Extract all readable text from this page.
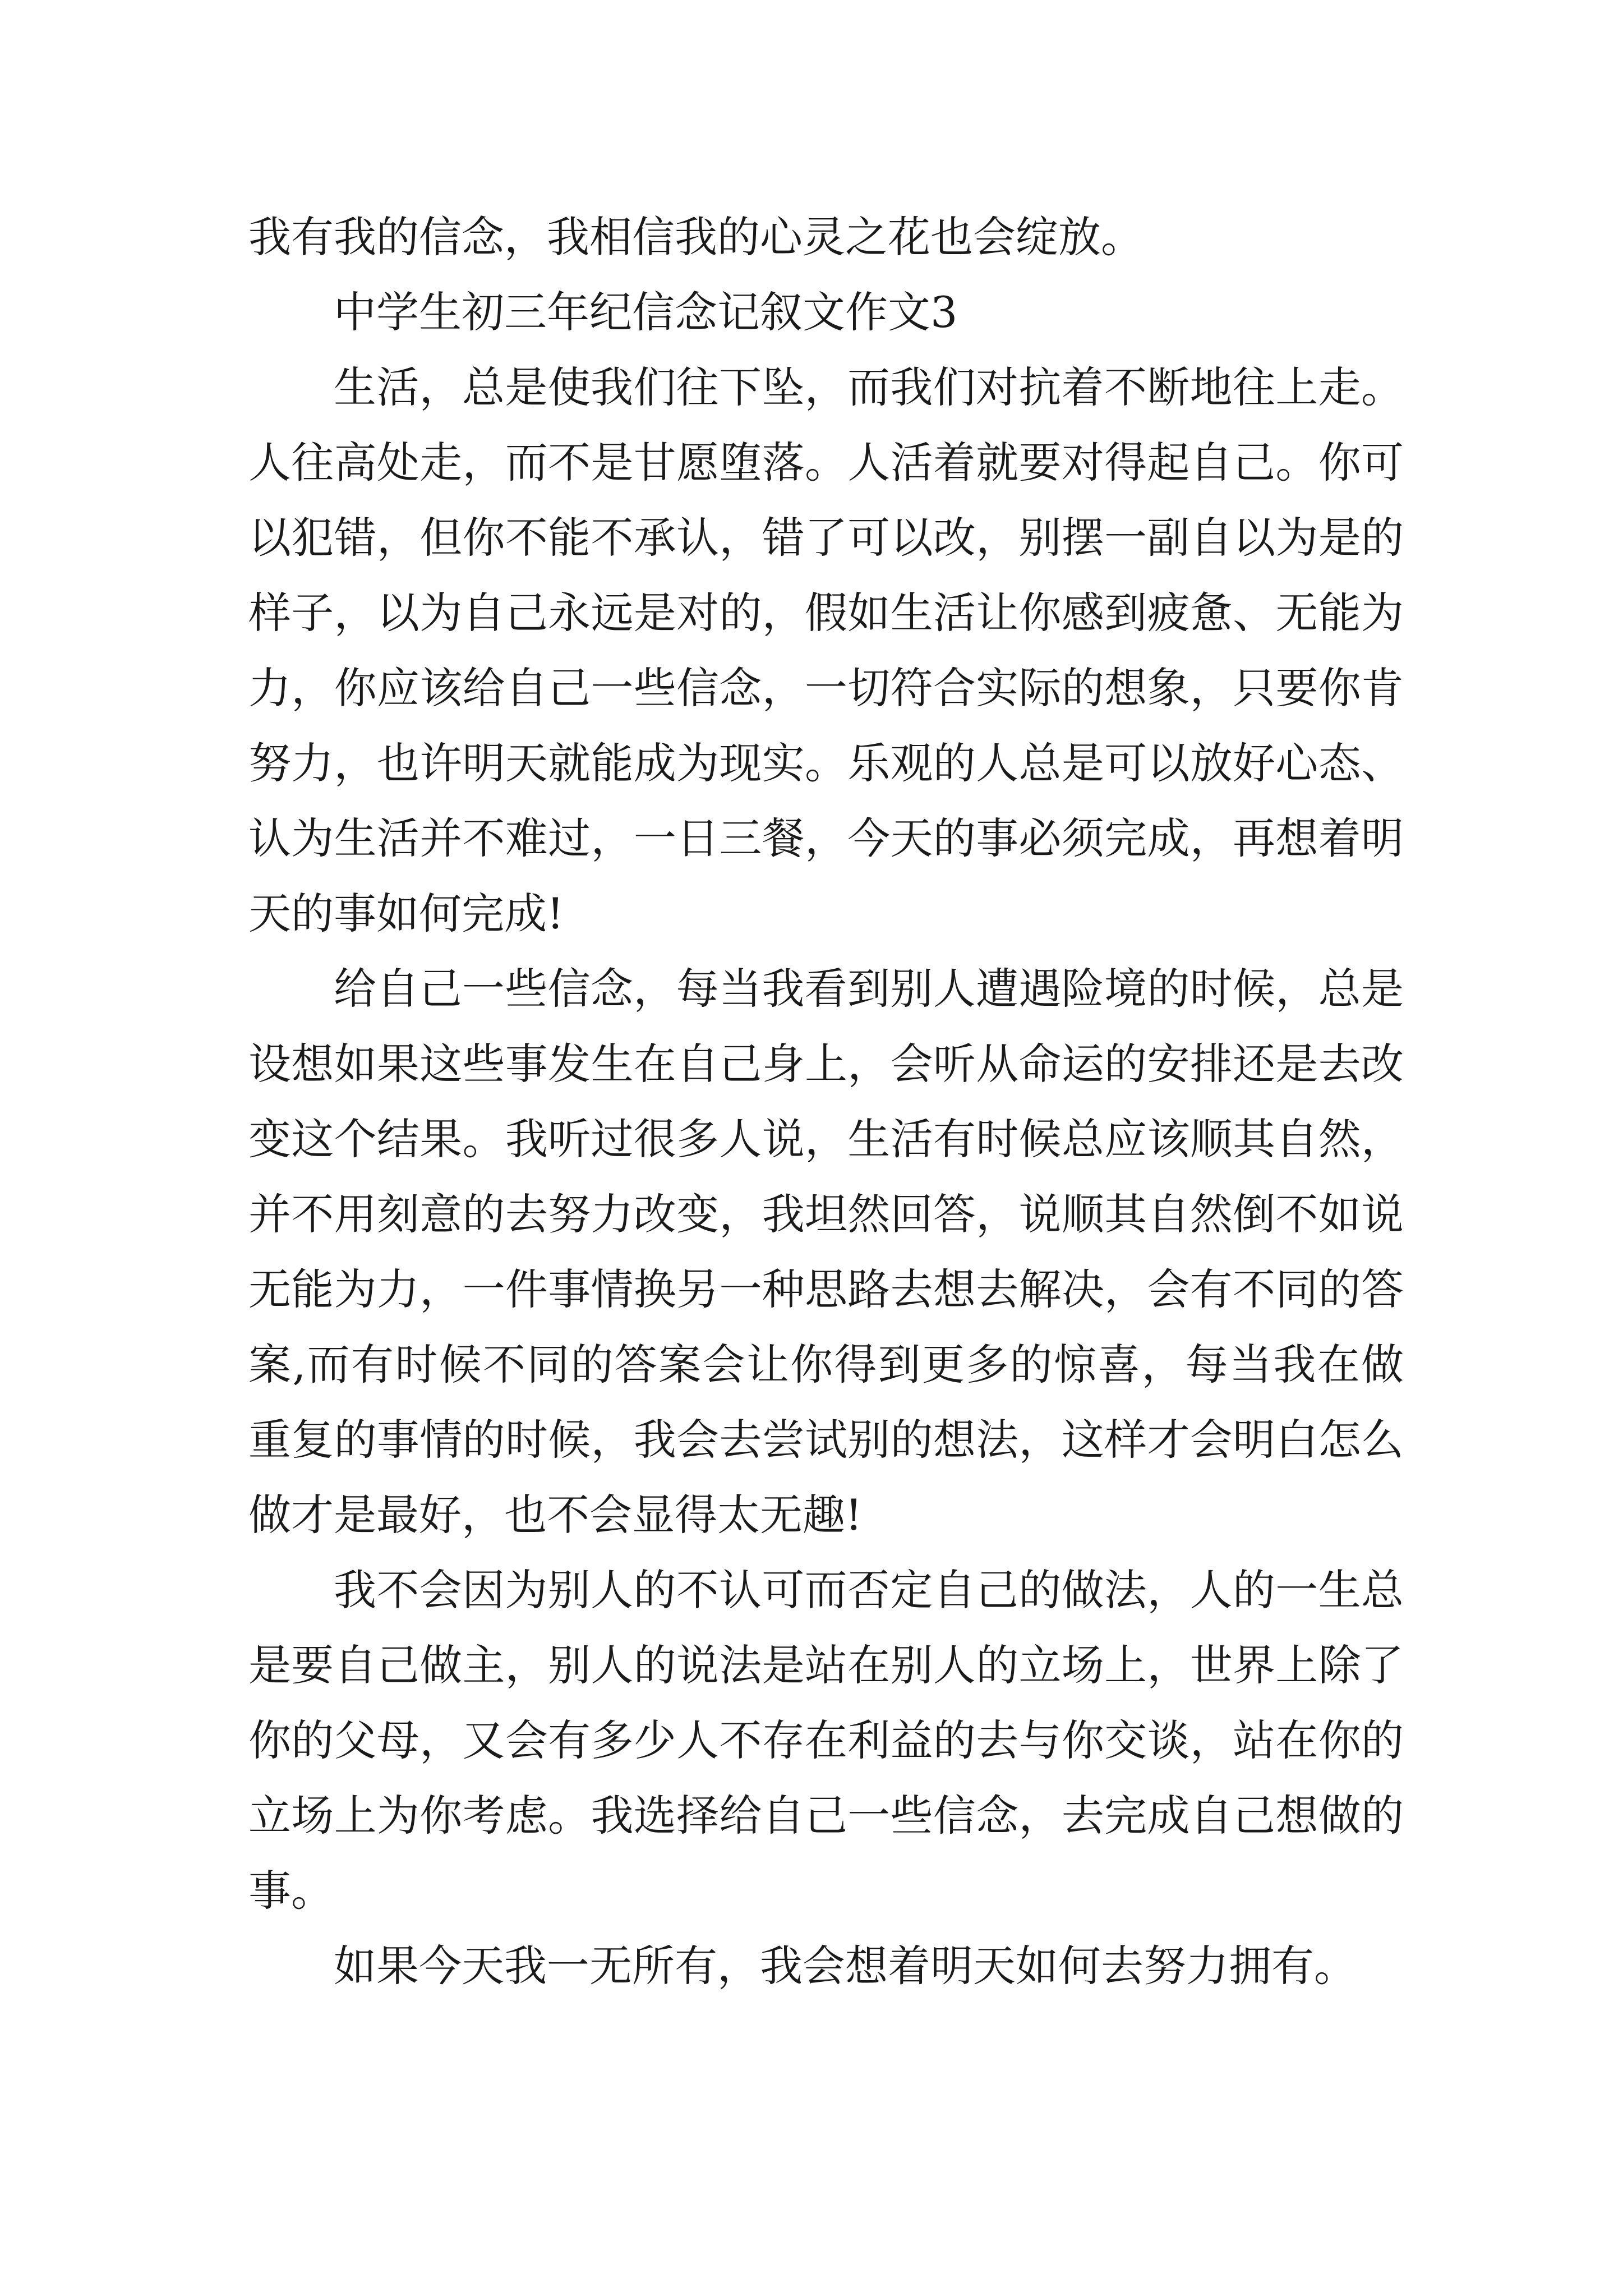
我有我的信念，我相信我的心灵之花也会绽放。

中学生初三年纪信念记叙文作文3

生活，总是使我们往下坠，而我们对抗着不断地往上走。人往高处走，而不是甘愿堕落。人活着就要对得起自己。你可以犯错，但你不能不承认，错了可以改，别摆一副自以为是的样子，以为自己永远是对的，假如生活让你感到疲惫、无能为力，你应该给自己一些信念，一切符合实际的想象，只要你肯努力，也许明天就能成为现实。乐观的人总是可以放好心态、认为生活并不难过，一日三餐，今天的事必须完成，再想着明天的事如何完成!

给自己一些信念，每当我看到别人遭遇险境的时候，总是设想如果这些事发生在自己身上，会听从命运的安排还是去改变这个结果。我听过很多人说，生活有时候总应该顺其自然，并不用刻意的去努力改变，我坦然回答，说顺其自然倒不如说无能为力，一件事情换另一种思路去想去解决，会有不同的答案,而有时候不同的答案会让你得到更多的惊喜，每当我在做重复的事情的时候，我会去尝试别的想法，这样才会明白怎么做才是最好，也不会显得太无趣!

我不会因为别人的不认可而否定自己的做法，人的一生总是要自己做主，别人的说法是站在别人的立场上，世界上除了你的父母，又会有多少人不存在利益的去与你交谈，站在你的立场上为你考虑。我选择给自己一些信念，去完成自己想做的事。

如果今天我一无所有，我会想着明天如何去努力拥有。
